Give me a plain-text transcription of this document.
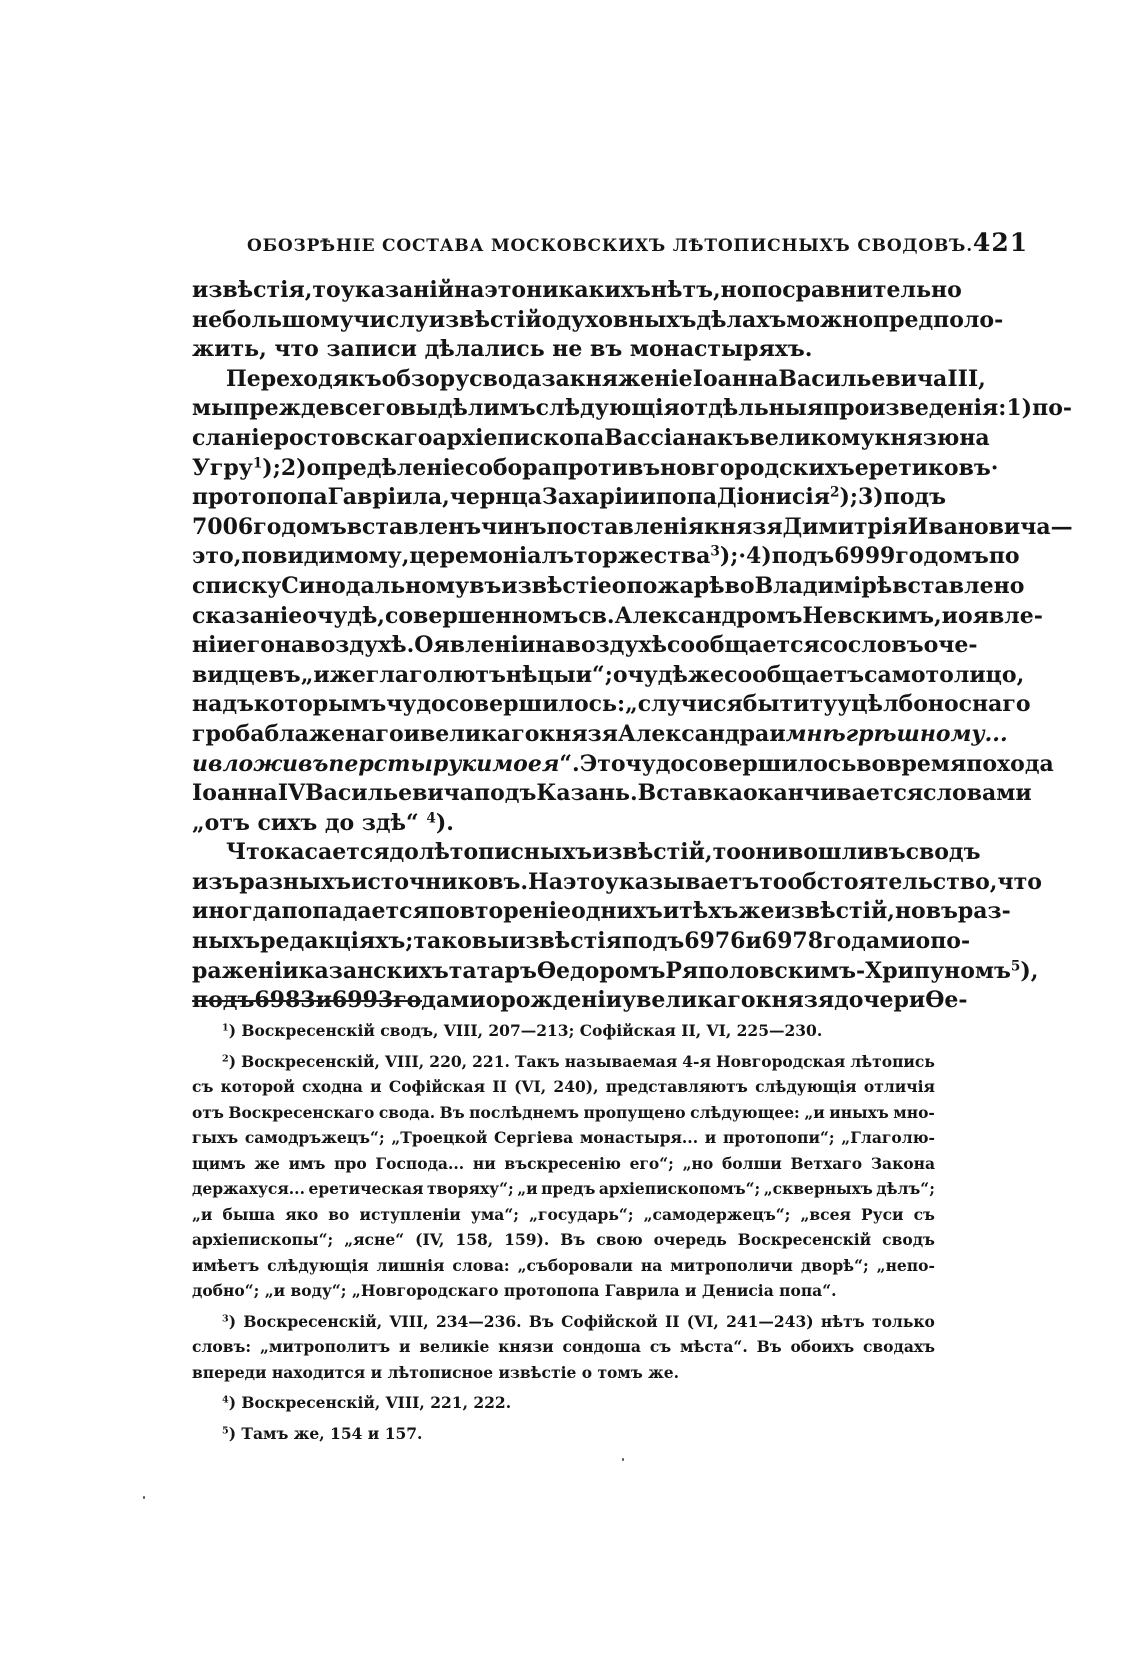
ОБОЗРѢНІЕ СОСТАВА МОСКОВСКИХЪ ЛѢТОПИСНЫХЪ СВОДОВЪ. 421
извѣстія, то указаній на это никакихъ нѣтъ, но по сравнительно
небольшому числу извѣстій о духовныхъ дѣлахъ можно предполо-
жить, что записи дѣлались не въ монастыряхъ.
Переходя къ обзору свода за княженіе Іоанна Васильевича III,
мы прежде всего выдѣлимъ слѣдующія отдѣльныя произведенія: 1) по-
сланіе ростовскаго архіепископа Вассіана къ великому князю на
Угру $^1$); 2) опредѣленіе собора противъ новгородскихъ еретиковъ·
протопопа Гавріила, чернца Захаріи и попа Діонисія $^2$); 3) подъ
7006 годомъ вставленъ чинъ поставленія князя Димитрія Ивановича—
это, повидимому, церемоніалъ торжества $^3$);·4) подъ 6999 годомъ по
списку Синодальному въ извѣстіе о пожарѣ во Владимірѣ вставлено
сказаніе о чудѣ, совершенномъ св. Александромъ Невскимъ, и о явле-
ніи его на воздухѣ. О явленіи на воздухѣ сообщается со словъ оче-
видцевъ „иже глаголютъ нѣцыи“; о чудѣ же сообщаетъ само то лицо,
надъ которымъ чудо совершилось: „случися быти ту у цѣлбоноснаго
гроба блаженаго и великаго князя Александра и мнѣ грѣшному...
и вложивъ персты руки моея“. Это чудо совершилось во время похода
Іоанна IV Васильевича подъ Казань. Вставка оканчивается словами
„отъ сихъ до здѣ“ $^4$).
Что касается до лѣтописныхъ извѣстій, то они вошли въ сводъ
изъ разныхъ источниковъ. На это указываетъ то обстоятельство, что
иногда попадается повтореніе однихъ и тѣхъ же извѣстій, но въ раз-
ныхъ редакціяхъ; таковы извѣстія подъ 6976 и 6978 годами о по-
раженіи казанскихъ татаръ Ѳедоромъ Ряполовскимъ-Хрипуномъ $^5$),
подъ 6983 и 6993 годами о рожденіи у великаго князя дочери Ѳе-
$^1$) Воскресенскій сводъ, VIII, 207—213; Софійская II, VI, 225—230.
$^2$) Воскресенскій, VIII, 220, 221. Такъ называемая 4-я Новгородская лѣтопись
съ которой сходна и Софійская II (VI, 240), представляютъ слѣдующія отличія
отъ Воскресенскаго свода. Въ послѣднемъ пропущено слѣдующее: „и иныхъ мно-
гыхъ самодръжецъ“; „Троецкой Сергіева монастыря... и протопопи“; „Глаголю-
щимъ же имъ про Господа... ни въскресенію его“; „но болши Ветхаго Закона
держахуся... еретическая творяху“; „и предъ архіепископомъ“; „скверныхъ дѣлъ“;
„и быша яко во иступленіи ума“; „государь“; „самодержецъ“; „всея Руси съ
архіепископы“; „ясне“ (IV, 158, 159). Въ свою очередь Воскресенскій сводъ
имѣетъ слѣдующія лишнія слова: „съборовали на митрополичи дворѣ“; „непо-
добно“; „и воду“; „Новгородскаго протопопа Гаврила и Денисіа попа“.
$^3$) Воскресенскій, VIII, 234—236. Въ Софійской II (VI, 241—243) нѣтъ только
словъ: „митрополитъ и великіе князи сондоша съ мѣста“. Въ обоихъ сводахъ
впереди находится и лѣтописное извѣстіе о томъ же.
$^4$) Воскресенскій, VIII, 221, 222.
$^5$) Тамъ же, 154 и 157.
